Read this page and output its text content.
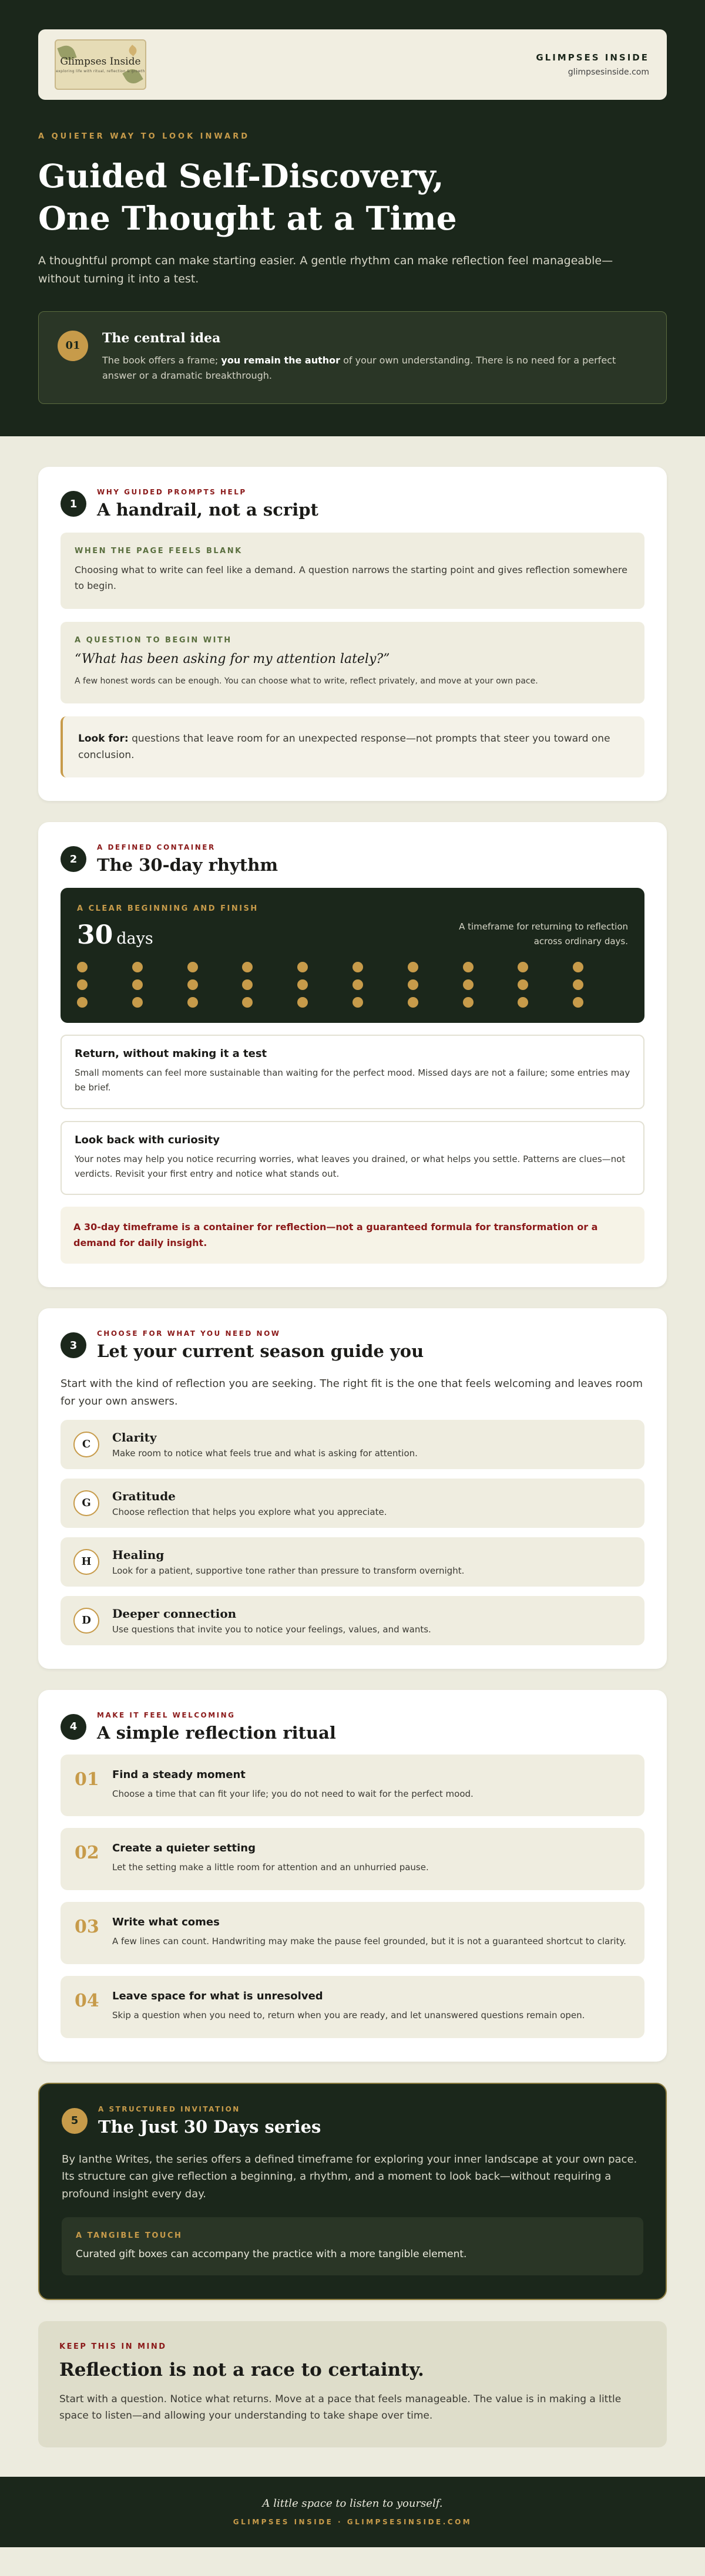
Glimpses Inside
exploring life with ritual, reflection & growth
GLIMPSES INSIDE
glimpsesinside.com
A QUIETER WAY TO LOOK INWARD
Guided Self-Discovery,
One Thought at a Time

A thoughtful prompt can make starting easier. A gentle rhythm can make reflection feel manageable—without turning it into a test.

01	The central idea

The book offers a frame; you remain the author of your own understanding. There is no need for a perfect answer or a dramatic breakthrough.

1
WHY GUIDED PROMPTS HELP
A handrail, not a script
WHEN THE PAGE FEELS BLANK

Choosing what to write can feel like a demand. A question narrows the starting point and gives reflection somewhere to begin.

A QUESTION TO BEGIN WITH
“What has been asking for my attention lately?”

A few honest words can be enough. You can choose what to write, reflect privately, and move at your own pace.

Look for: questions that leave room for an unexpected response—not prompts that steer you toward one conclusion.
2
A DEFINED CONTAINER
The 30-day rhythm
A CLEAR BEGINNING AND FINISH
30 days
A timeframe for returning to reflection across ordinary days.
Return, without making it a test

Small moments can feel more sustainable than waiting for the perfect mood. Missed days are not a failure; some entries may be brief.

Look back with curiosity

Your notes may help you notice recurring worries, what leaves you drained, or what helps you settle. Patterns are clues—not verdicts. Revisit your first entry and notice what stands out.

A 30-day timeframe is a container for reflection—not a guaranteed formula for transformation or a demand for daily insight.
3
CHOOSE FOR WHAT YOU NEED NOW
Let your current season guide you

Start with the kind of reflection you are seeking. The right fit is the one that feels welcoming and leaves room for your own answers.

C	Clarity
Make room to notice what feels true and what is asking for attention.
G	Gratitude
Choose reflection that helps you explore what you appreciate.
H	Healing
Look for a patient, supportive tone rather than pressure to transform overnight.
D	Deeper connection
Use questions that invite you to notice your feelings, values, and wants.
4
MAKE IT FEEL WELCOMING
A simple reflection ritual
01 Find a steady moment
Choose a time that can fit your life; you do not need to wait for the perfect mood.
02 Create a quieter setting
Let the setting make a little room for attention and an unhurried pause.
03 Write what comes
A few lines can count. Handwriting may make the pause feel grounded, but it is not a guaranteed shortcut to clarity.
04 Leave space for what is unresolved
Skip a question when you need to, return when you are ready, and let unanswered questions remain open.
5
A STRUCTURED INVITATION
The Just 30 Days series

By Ianthe Writes, the series offers a defined timeframe for exploring your inner landscape at your own pace. Its structure can give reflection a beginning, a rhythm, and a moment to look back—without requiring a profound insight every day.

A TANGIBLE TOUCH

Curated gift boxes can accompany the practice with a more tangible element.

KEEP THIS IN MIND
Reflection is not a race to certainty.

Start with a question. Notice what returns. Move at a pace that feels manageable. The value is in making a little space to listen—and allowing your understanding to take shape over time.

A little space to listen to yourself.
GLIMPSES INSIDE · GLIMPSESINSIDE.COM
